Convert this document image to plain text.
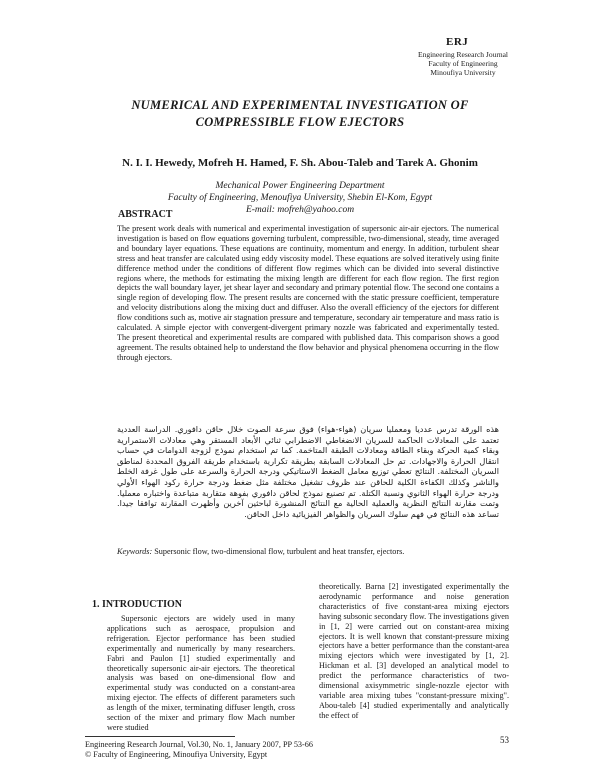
ERJ
Engineering Research Journal
Faculty of Engineering
Minoufiya University
NUMERICAL AND EXPERIMENTAL INVESTIGATION OF
COMPRESSIBLE FLOW EJECTORS
N. I. I. Hewedy, Mofreh H. Hamed, F. Sh. Abou-Taleb and Tarek A. Ghonim
Mechanical Power Engineering Department
Faculty of Engineering, Menoufiya University, Shebin El-Kom, Egypt
E-mail: mofreh@yahoo.com
ABSTRACT
The present work deals with numerical and experimental investigation of supersonic air-air ejectors. The numerical investigation is based on flow equations governing turbulent, compressible, two-dimensional, steady, time averaged and boundary layer equations. These equations are continuity, momentum and energy. In addition, turbulent shear stress and heat transfer are calculated using eddy viscosity model. These equations are solved iteratively using finite difference method under the conditions of different flow regimes which can be divided into several distinctive regions where, the methods for estimating the mixing length are different for each flow region. The first region depicts the wall boundary layer, jet shear layer and secondary and primary potential flow. The second one contains a single region of developing flow. The present results are concerned with the static pressure coefficient, temperature and velocity distributions along the mixing duct and diffuser. Also the overall efficiency of the ejectors for different flow conditions such as, motive air stagnation pressure and temperature, secondary air temperature and mass ratio is calculated. A simple ejector with convergent-divergent primary nozzle was fabricated and experimentally tested. The present theoretical and experimental results are compared with published data. This comparison shows a good agreement. The results obtained help to understand the flow behavior and physical phenomena occurring in the flow through ejectors.
هذه الورقة تدرس عدديا ومعمليا سريان (هواء-هواء) فوق سرعة الصوت خلال حاقن دافوري. الدراسة العددية تعتمد على المعادلات الحاكمة للسريان الانضغاطي الاضطرابي ثنائي الأبعاد المستقر وهي معادلات الاستمرارية وبقاء كمية الحركة وبقاء الطاقة ومعادلات الطبقة المتاخمة. كما تم استخدام نموذج لزوجة الدوامات في حساب انتقال الحرارة والاجهادات. تم حل المعادلات السابقة بطريقة تكرارية باستخدام طريقة الفروق المحددة لمناطق السريان المختلفة. النتائج تعطي توزيع معامل الضغط الاستاتيكي ودرجة الحرارة والسرعة على طول غرفة الخلط والناشر وكذلك الكفاءة الكلية للحاقن عند ظروف تشغيل مختلفة مثل ضغط ودرجة حرارة ركود الهواء الأولي ودرجة حرارة الهواء الثانوي ونسبة الكتلة. تم تصنيع نموذج لحاقن دافوري بفوهة متقاربة متباعدة واختباره معمليا. وتمت مقارنة النتائج النظرية والعملية الحالية مع النتائج المنشورة لباحثين آخرين وأظهرت المقارنة توافقا جيدا. تساعد هذه النتائج في فهم سلوك السريان والظواهر الفيزيائية داخل الحاقن.
Keywords: Supersonic flow, two-dimensional flow, turbulent and heat transfer, ejectors.
1. INTRODUCTION
Supersonic ejectors are widely used in many applications such as aerospace, propulsion and refrigeration. Ejector performance has been studied experimentally and numerically by many researchers. Fabri and Paulon [1] studied experimentally and theoretically supersonic air-air ejectors. The theoretical analysis was based on one-dimensional flow and experimental study was conducted on a constant-area mixing ejector. The effects of different parameters such as length of the mixer, terminating diffuser length, cross section of the mixer and primary flow Mach number were studied
theoretically. Barna [2] investigated experimentally the aerodynamic performance and noise generation characteristics of five constant-area mixing ejectors having subsonic secondary flow. The investigations given in [1, 2] were carried out on constant-area mixing ejectors. It is well known that constant-pressure mixing ejectors have a better performance than the constant-area mixing ejectors which were investigated by [1, 2]. Hickman et al. [3] developed an analytical model to predict the performance characteristics of two-dimensional axisymmetric single-nozzle ejector with variable area mixing tubes "constant-pressure mixing". Abou-taleb [4] studied experimentally and analytically the effect of
Engineering Research Journal, Vol.30, No. 1, January 2007, PP 53-66
© Faculty of Engineering, Minoufiya University, Egypt
53
